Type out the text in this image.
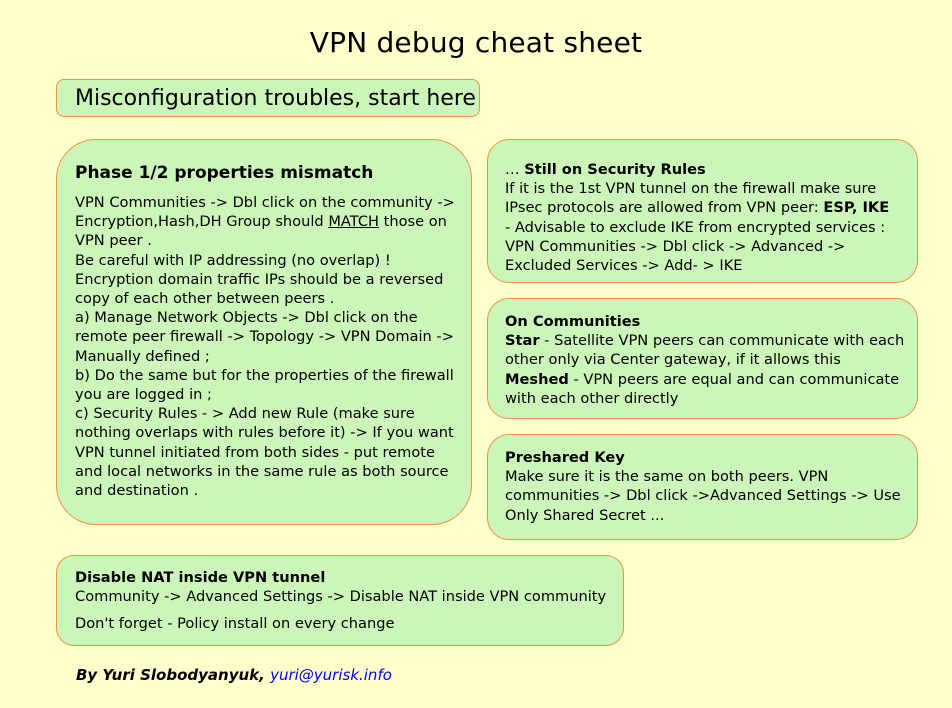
VPN debug cheat sheet
Misconfiguration troubles, start here
Phase 1/2 properties mismatch

VPN Communities -> Dbl click on the community -> Encryption,Hash,DH Group should MATCH those on VPN peer .

Be careful with IP addressing (no overlap) !

Encryption domain traffic IPs should be a reversed copy of each other between peers .

a) Manage Network Objects -> Dbl click on the remote peer firewall -> Topology -> VPN Domain -> Manually defined ;

b) Do the same but for the properties of the firewall you are logged in ;

c) Security Rules - > Add new Rule (make sure nothing overlaps with rules before it) -> If you want VPN tunnel initiated from both sides - put remote and local networks in the same rule as both source and destination .

… Still on Security Rules

If it is the 1st VPN tunnel on the firewall make sure IPsec protocols are allowed from VPN peer: ESP, IKE

- Advisable to exclude IKE from encrypted services : VPN Communities -> Dbl click -> Advanced -> Excluded Services -> Add- > IKE

On Communities

Star - Satellite VPN peers can communicate with each other only via Center gateway, if it allows this

Meshed - VPN peers are equal and can communicate with each other directly

Preshared Key

Make sure it is the same on both peers. VPN communities -> Dbl click ->Advanced Settings -> Use Only Shared Secret ...

Disable NAT inside VPN tunnel

Community -> Advanced Settings -> Disable NAT inside VPN community

Don't forget - Policy install on every change

By Yuri Slobodyanyuk, yuri@yurisk.info
